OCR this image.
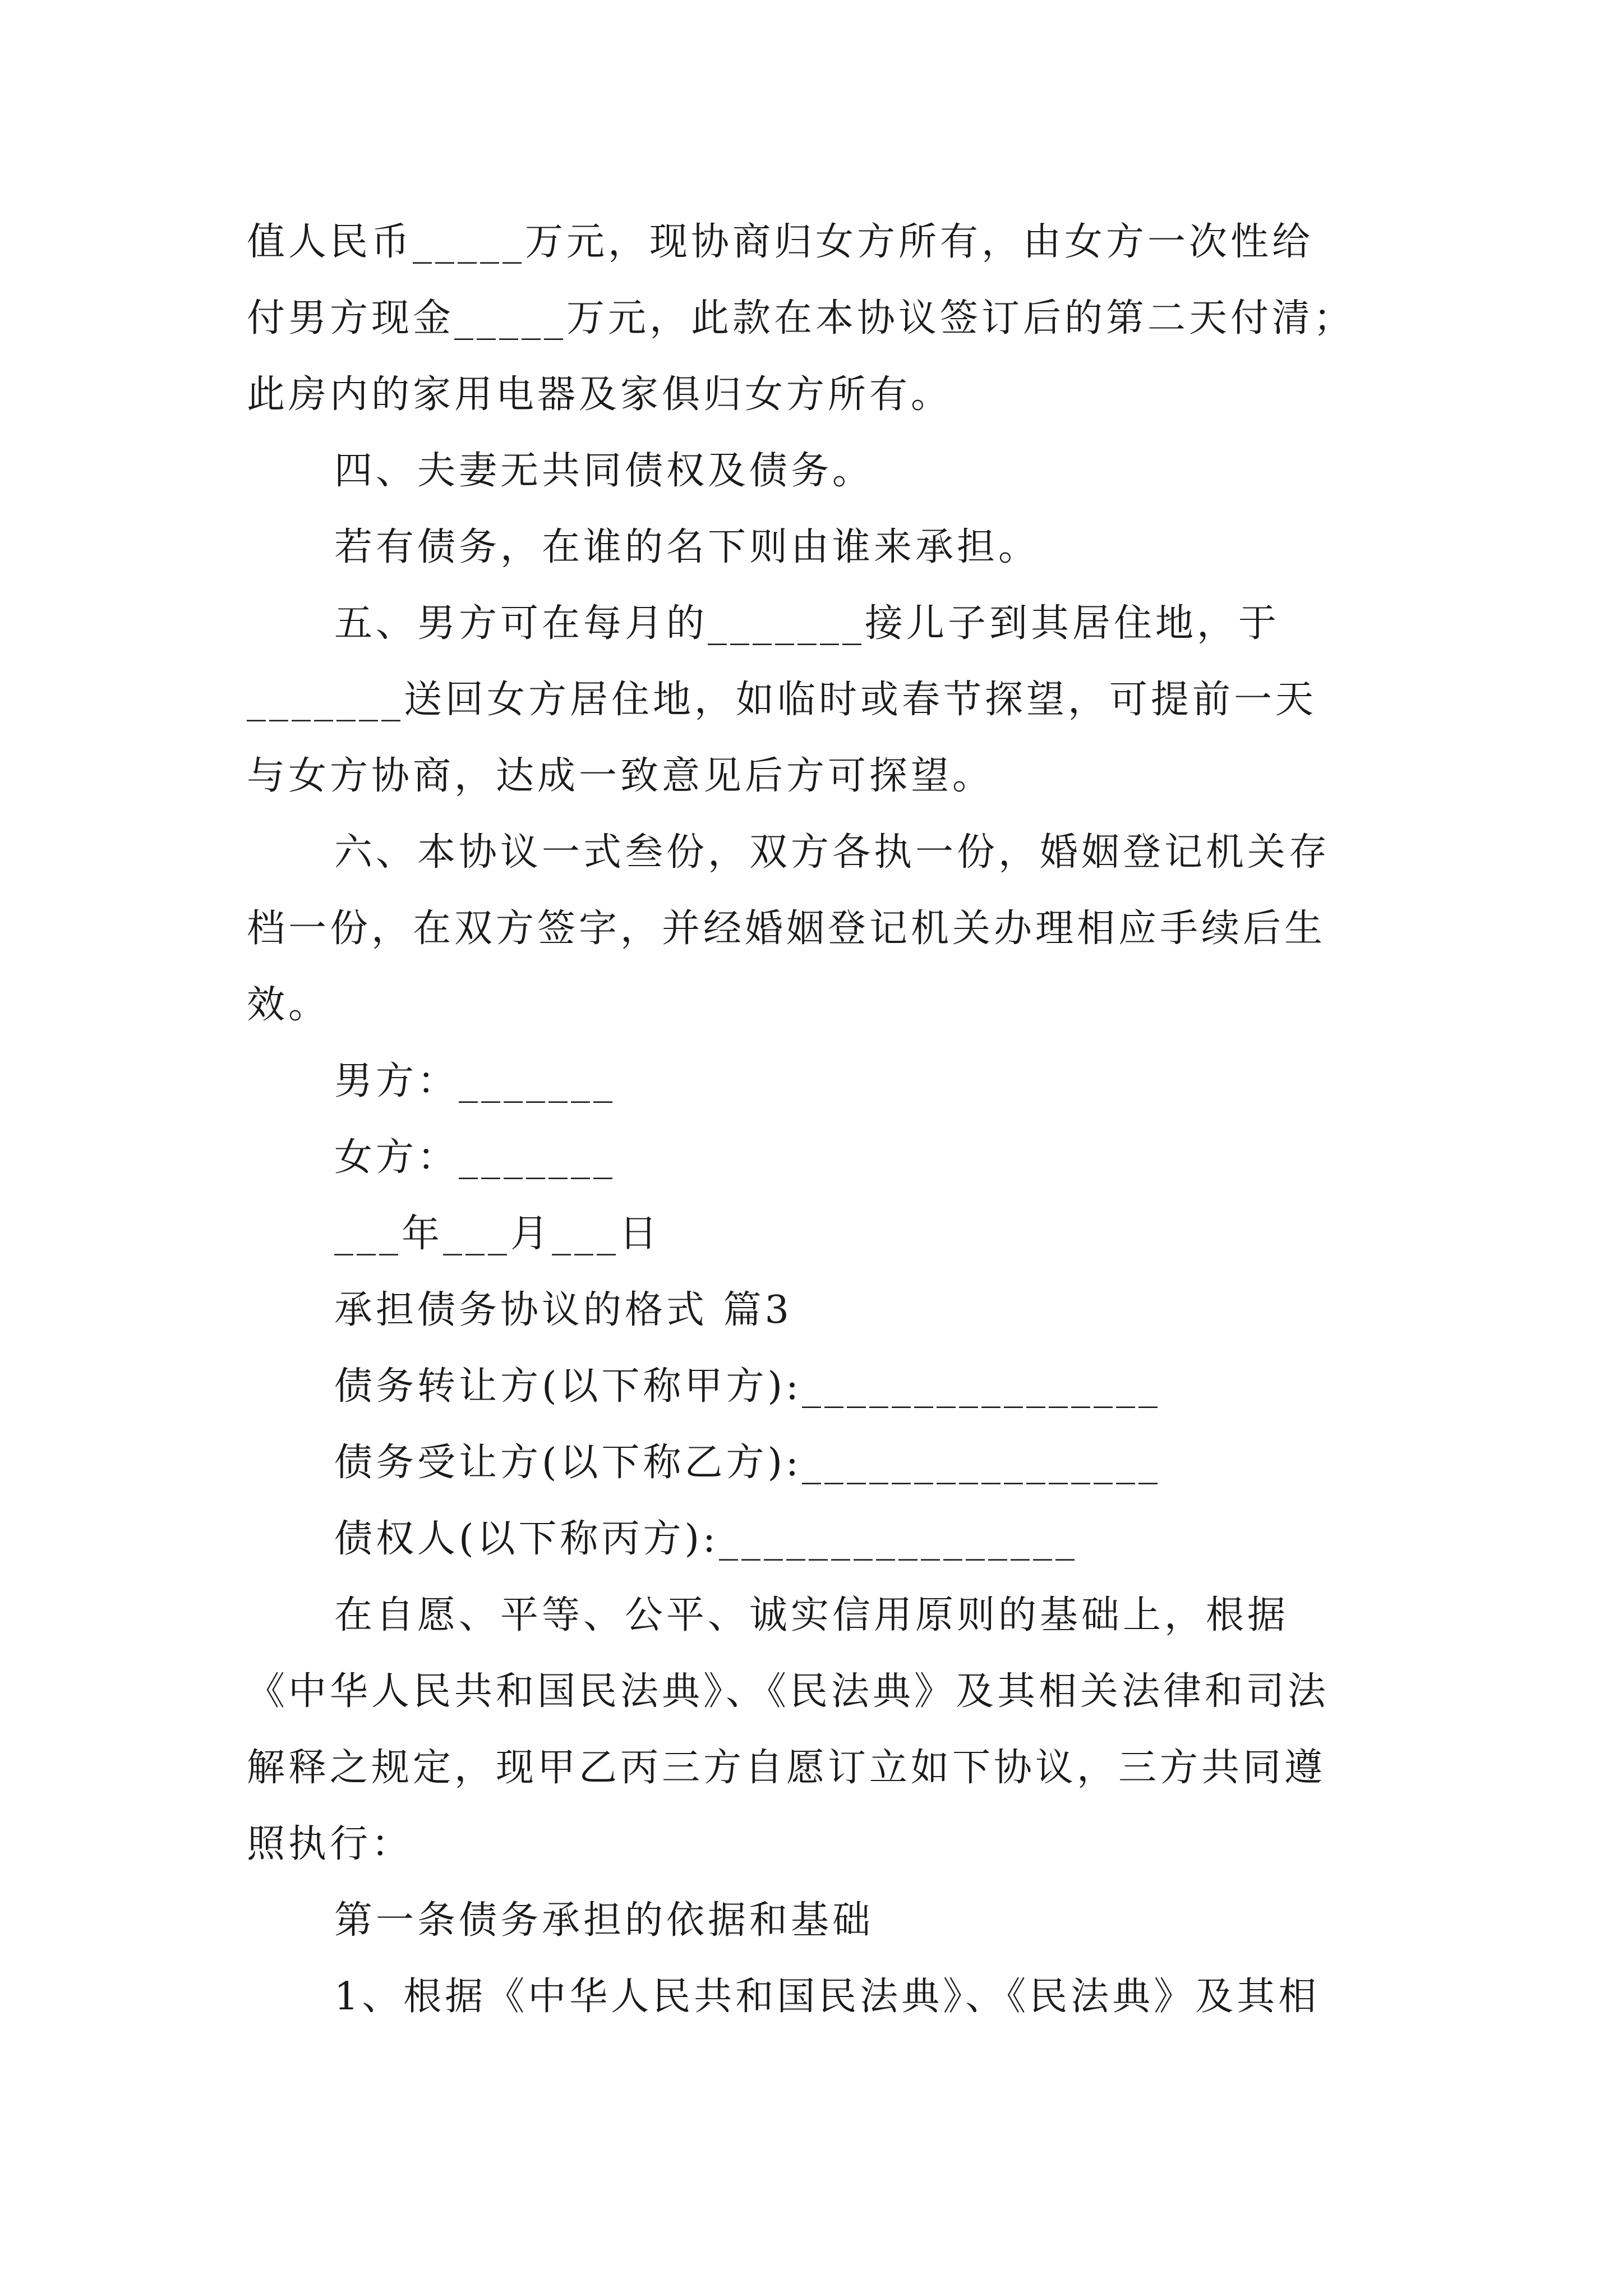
值人民币_____万元，现协商归女方所有，由女方一次性给
付男方现金_____万元，此款在本协议签订后的第二天付清；
此房内的家用电器及家俱归女方所有。
四、夫妻无共同债权及债务。
若有债务，在谁的名下则由谁来承担。
五、男方可在每月的_______接儿子到其居住地，于
_______送回女方居住地，如临时或春节探望，可提前一天
与女方协商，达成一致意见后方可探望。
六、本协议一式叁份，双方各执一份，婚姻登记机关存
档一份，在双方签字，并经婚姻登记机关办理相应手续后生
效。
男方：_______
女方：_______
___年___月___日
承担债务协议的格式 篇3
债务转让方(以下称甲方):________________
债务受让方(以下称乙方):________________
债权人(以下称丙方):________________
在自愿、平等、公平、诚实信用原则的基础上，根据
《中华人民共和国民法典》、《民法典》及其相关法律和司法
解释之规定，现甲乙丙三方自愿订立如下协议，三方共同遵
照执行：
第一条债务承担的依据和基础
1、根据《中华人民共和国民法典》、《民法典》及其相
